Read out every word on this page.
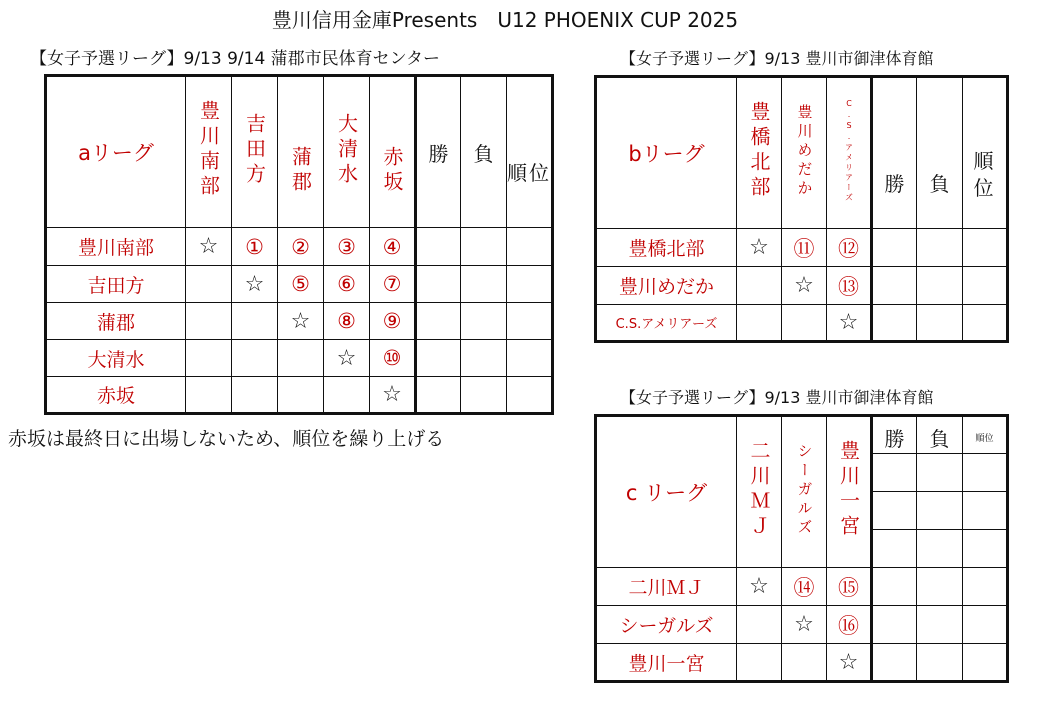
豊川信用金庫Presents　U12 PHOENIX CUP 2025
【女子予選リーグ】9/13 9/14 蒲郡市民体育センター
aリーグ	豊川南部	吉田方	蒲郡	大清水	赤坂	勝	負	順位
豊川南部	☆	①	②	③	④			
吉田方		☆	⑤	⑥	⑦			
蒲郡			☆	⑧	⑨			
大清水				☆	⑩			
赤坂					☆			
赤坂は最終日に出場しないため、順位を繰り上げる
【女子予選リーグ】9/13 豊川市御津体育館
bリーグ	豊橋北部	豊川めだか	C.S.アメリアーズ	勝	負	順位
豊橋北部	☆	⑪	⑫			
豊川めだか		☆	⑬			
C.S.アメリアーズ			☆			
【女子予選リーグ】9/13 豊川市御津体育館
c リーグ	二川ＭＪ	シーガルズ	豊川一宮	勝	負	順位

二川ＭＪ	☆	⑭	⑮			
シーガルズ		☆	⑯			
豊川一宮			☆			
